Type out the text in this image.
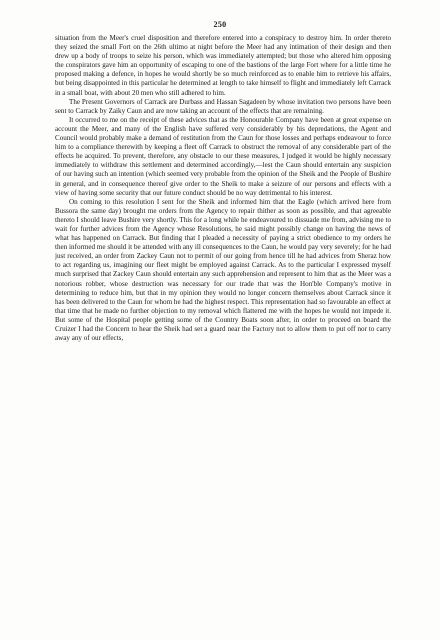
250

situation from the Meer's cruel disposition and therefore entered into a conspiracy to destroy him. In order thereto they seized the small Fort on the 26th ultimo at night before the Meer had any intimation of their design and then drew up a body of troops to seize his person, which was immediately attempted; but those who altered him opposing the conspirators gave him an opportunity of escaping to one of the bastions of the large Fort where for a little time he proposed making a defence, in hopes he would shortly be so much reinforced as to enable him to retrieve his affairs, but being disappointed in this particular he determined at length to take himself to flight and immediately left Carrack in a small boat, with about 20 men who still adhered to him.

The Present Governors of Carrack are Durbass and Hassan Sagadeen by whose invitation two persons have been sent to Carrack by Zaiky Caun and are now taking an account of the effects that are remaining.

It occurred to me on the receipt of these advices that as the Honourable Company have been at great expense on account the Meer, and many of the English have suffered very considerably by his depredations, the Agent and Council would probably make a demand of restitution from the Caun for those losses and perhaps endeavour to force him to a compliance therewith by keeping a fleet off Carrack to obstruct the removal of any considerable part of the effects he acquired. To prevent, therefore, any obstacle to our these measures, I judged it would be highly necessary immediately to withdraw this settlement and determined accordingly,—lest the Caun should entertain any suspicion of our having such an intention (which seemed very probable from the opinion of the Sheik and the People of Bushire in general, and in consequence thereof give order to the Sheik to make a seizure of our persons and effects with a view of having some security that our future conduct should be no way detrimental to his interest.

On coming to this resolution I sent for the Sheik and informed him that the Eagle (which arrived here from Bussora the same day) brought me orders from the Agency to repair thither as soon as possible, and that agreeable thereto I should leave Bushire very shortly. This for a long while he endeavoured to dissuade me from, advising me to wait for further advices from the Agency whose Resolutions, he said might possibly change on having the news of what has happened on Carrack. But finding that I pleaded a necessity of paying a strict obedience to my orders he then informed me should it be attended with any ill consequences to the Caun, he would pay very severely; for he had just received, an order from Zackey Caun not to permit of our going from hence till he had advices from Sheraz how to act regarding us, imagining our fleet might be employed against Carrack. As to the particular I expressed myself much surprised that Zackey Caun should entertain any such apprehension and represent to him that as the Meer was a notorious robber, whose destruction was necessary for our trade that was the Hon'ble Company's motive in determining to reduce him, but that in my opinion they would no longer concern themselves about Carrack since it has been delivered to the Caun for whom he had the highest respect. This representation had so favourable an effect at that time that he made no further objection to my removal which flattered me with the hopes he would not impede it. But some of the Hospital people getting some of the Country Boats soon after, in order to proceed on board the Cruizer I had the Concern to hear the Sheik had set a guard near the Factory not to allow them to put off nor to carry away any of our effects,
